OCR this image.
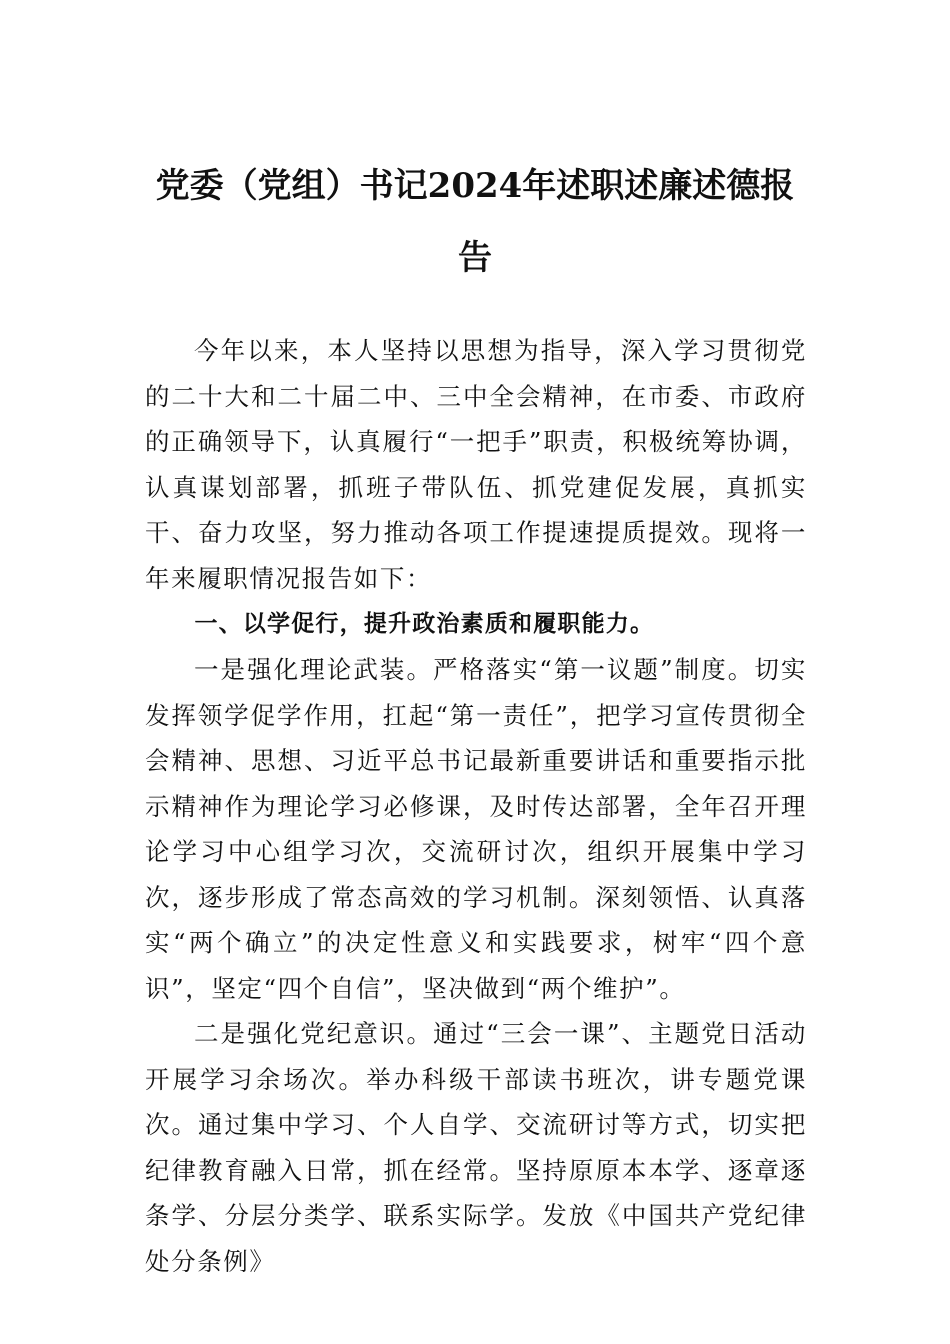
党委（党组）书记2024年述职述廉述德报告

今年以来，本人坚持以思想为指导，深入学习贯彻党的二十大和二十届二中、三中全会精神，在市委、市政府的正确领导下，认真履行“一把手”职责，积极统筹协调，认真谋划部署，抓班子带队伍、抓党建促发展，真抓实干、奋力攻坚，努力推动各项工作提速提质提效。现将一年来履职情况报告如下：

一、以学促行，提升政治素质和履职能力。

一是强化理论武装。严格落实“第一议题”制度。切实发挥领学促学作用，扛起“第一责任”，把学习宣传贯彻全会精神、思想、习近平总书记最新重要讲话和重要指示批示精神作为理论学习必修课，及时传达部署，全年召开理论学习中心组学习次，交流研讨次，组织开展集中学习次，逐步形成了常态高效的学习机制。深刻领悟、认真落实“两个确立”的决定性意义和实践要求，树牢“四个意识”，坚定“四个自信”，坚决做到“两个维护”。

二是强化党纪意识。通过“三会一课”、主题党日活动开展学习余场次。举办科级干部读书班次，讲专题党课次。通过集中学习、个人自学、交流研讨等方式，切实把纪律教育融入日常，抓在经常。坚持原原本本学、逐章逐条学、分层分类学、联系实际学。发放《中国共产党纪律处分条例》
